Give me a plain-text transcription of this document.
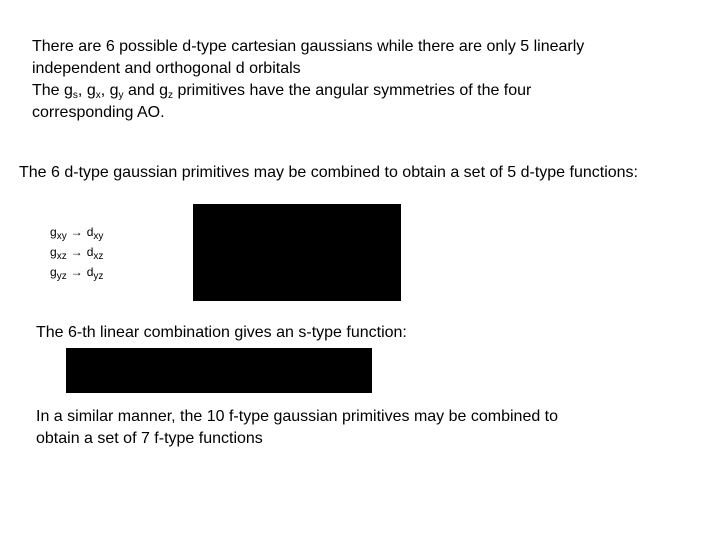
There are 6 possible d-type cartesian gaussians while there are only 5 linearly
independent and orthogonal d orbitals
The $g_s$, $g_x$, $g_y$ and $g_z$ primitives have the angular symmetries of the four
corresponding AO.
The 6 d-type gaussian primitives may be combined to obtain a set of 5 d-type functions:
$g_{xy} \to d_{xy}$
$g_{xz} \to d_{xz}$
$g_{yz} \to d_{yz}$
The 6-th linear combination gives an s-type function:
In a similar manner, the 10 f-type gaussian primitives may be combined to
obtain a set of 7 f-type functions
